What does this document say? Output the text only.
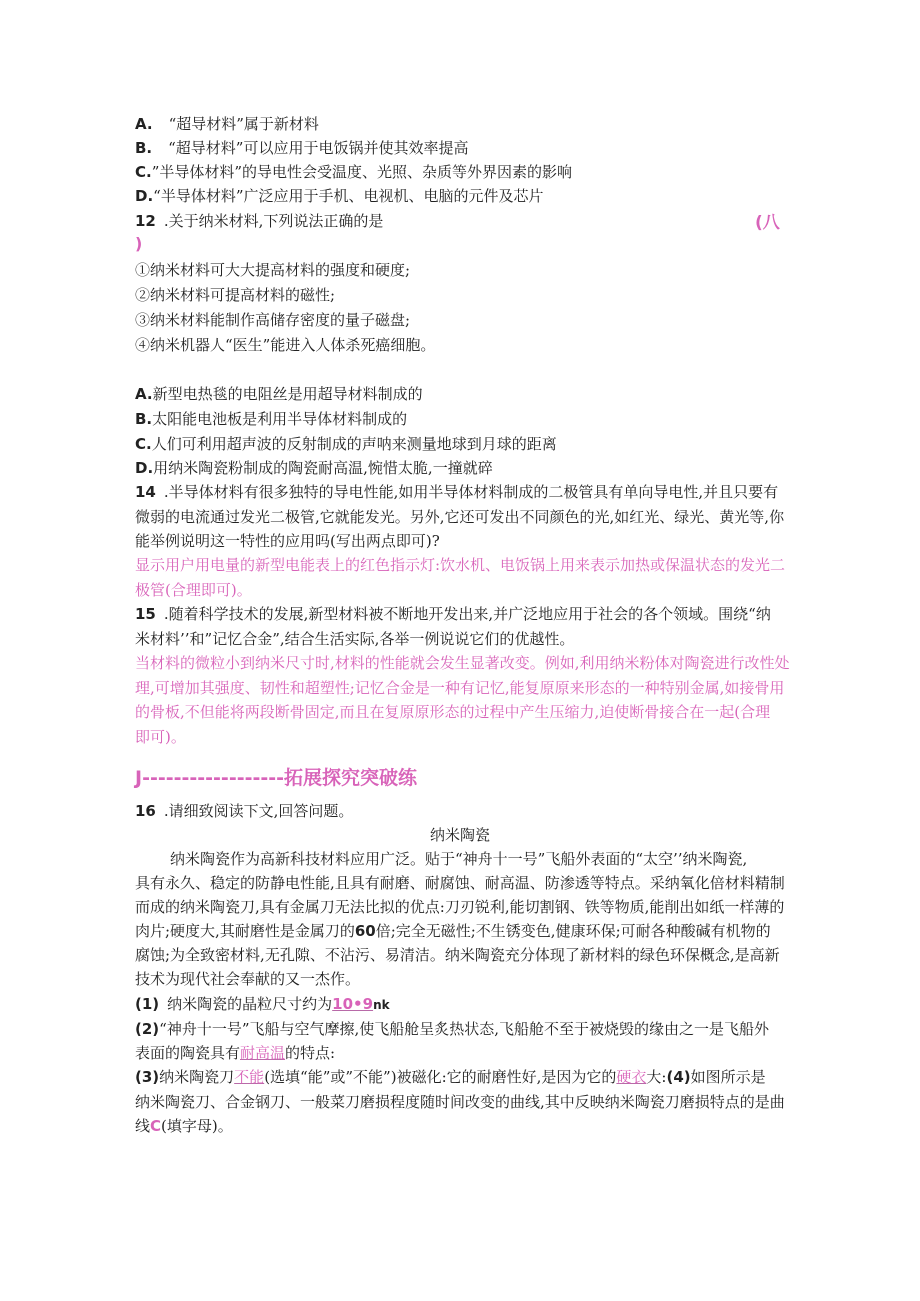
A. “超导材料”属于新材料
B. “超导材料”可以应用于电饭锅并使其效率提高
C.”半导体材料”的导电性会受温度、光照、杂质等外界因素的影响
D.“半导体材料”广泛应用于手机、电视机、电脑的元件及芯片
12 .关于纳米材料,下列说法正确的是	(八
)
①纳米材料可大大提高材料的强度和硬度;
②纳米材料可提高材料的磁性;
③纳米材料能制作高储存密度的量子磁盘;
④纳米机器人“医生”能进入人体杀死癌细胞。
A.新型电热毯的电阻丝是用超导材料制成的
B.太阳能电池板是利用半导体材料制成的
C.人们可利用超声波的反射制成的声呐来测量地球到月球的距离
D.用纳米陶瓷粉制成的陶瓷耐高温,惋惜太脆,一撞就碎
14 .半导体材料有很多独特的导电性能,如用半导体材料制成的二极管具有单向导电性,并且只要有
微弱的电流通过发光二极管,它就能发光。另外,它还可发出不同颜色的光,如红光、绿光、黄光等,你
能举例说明这一特性的应用吗(写出两点即可)?
显示用户用电量的新型电能表上的红色指示灯:饮水机、电饭锅上用来表示加热或保温状态的发光二
极管(合理即可)。
15 .随着科学技术的发展,新型材料被不断地开发出来,并广泛地应用于社会的各个领域。围绕“纳
米材料’’和”记忆合金”,结合生活实际,各举一例说说它们的优越性。
当材料的微粒小到纳米尺寸时,材料的性能就会发生显著改变。例如,利用纳米粉体对陶瓷进行改性处
理,可增加其强度、韧性和超塑性;记忆合金是一种有记忆,能复原原来形态的一种特别金属,如接骨用
的骨板,不但能将两段断骨固定,而且在复原原形态的过程中产生压缩力,迫使断骨接合在一起(合理
即可)。
J------------------拓展探究突破练
16 .请细致阅读下文,回答问题。
纳米陶瓷
纳米陶瓷作为高新科技材料应用广泛。贴于“神舟十一号”飞船外表面的“太空’’纳米陶瓷,
具有永久、稳定的防静电性能,且具有耐磨、耐腐蚀、耐高温、防渗透等特点。采纳氧化倍材料精制
而成的纳米陶瓷刀,具有金属刀无法比拟的优点:刀刃锐利,能切割钢、铁等物质,能削出如纸一样薄的
肉片;硬度大,其耐磨性是金属刀的60倍;完全无磁性;不生锈变色,健康环保;可耐各种酸碱有机物的
腐蚀;为全致密材料,无孔隙、不沾污、易清洁。纳米陶瓷充分体现了新材料的绿色环保概念,是高新
技术为现代社会奉献的又一杰作。
(1) 纳米陶瓷的晶粒尺寸约为10•9nk
(2)“神舟十一号”飞船与空气摩擦,使飞船舱呈炙热状态,飞船舱不至于被烧毁的缘由之一是飞船外
表面的陶瓷具有耐高温的特点:
(3)纳米陶瓷刀不能(选填“能”或”不能”)被磁化:它的耐磨性好,是因为它的硬衣大:(4)如图所示是
纳米陶瓷刀、合金钢刀、一般菜刀磨损程度随时间改变的曲线,其中反映纳米陶瓷刀磨损特点的是曲
线C(填字母)。
